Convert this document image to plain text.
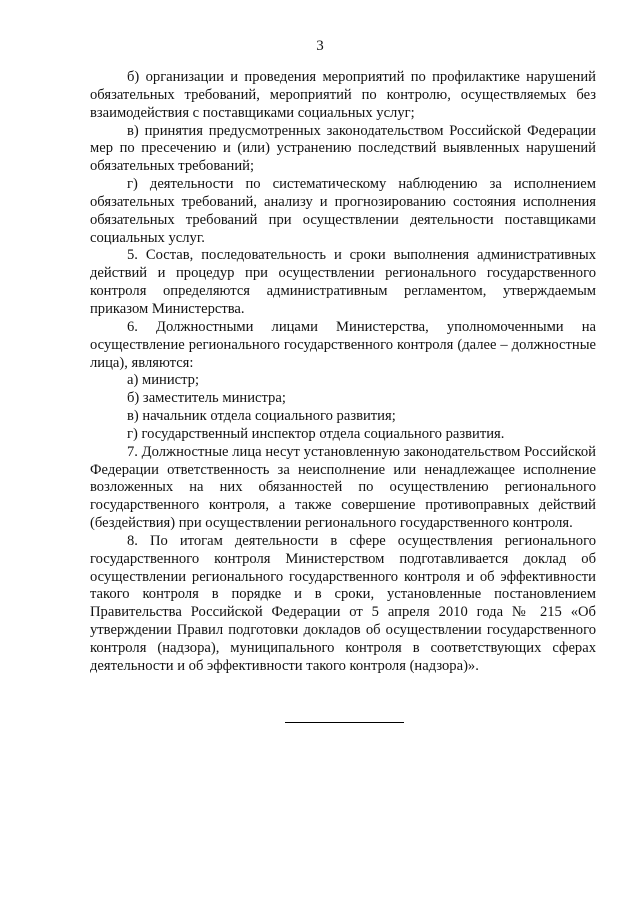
3

б) организации и проведения мероприятий по профилактике нарушений обязательных требований, мероприятий по контролю, осуществляемых без взаимодействия с поставщиками социальных услуг;

в) принятия предусмотренных законодательством Российской Федерации мер по пресечению и (или) устранению последствий выявленных нарушений обязательных требований;

г) деятельности по систематическому наблюдению за исполнением обязательных требований, анализу и прогнозированию состояния исполнения обязательных требований при осуществлении деятельности поставщиками социальных услуг.

5. Состав, последовательность и сроки выполнения административных действий и процедур при осуществлении регионального государственного контроля определяются административным регламентом, утверждаемым приказом Министерства.

6. Должностными лицами Министерства, уполномоченными на осуществление регионального государственного контроля (далее – должностные лица), являются:

а) министр;

б) заместитель министра;

в) начальник отдела социального развития;

г) государственный инспектор отдела социального развития.

7. Должностные лица несут установленную законодательством Российской Федерации ответственность за неисполнение или ненадлежащее исполнение возложенных на них обязанностей по осуществлению регионального государственного контроля, а также совершение противоправных действий (бездействия) при осуществлении регионального государственного контроля.

8. По итогам деятельности в сфере осуществления регионального государственного контроля Министерством подготавливается доклад об осуществлении регионального государственного контроля и об эффективности такого контроля в порядке и в сроки, установленные постановлением Правительства Российской Федерации от 5 апреля 2010 года № 215 «Об утверждении Правил подготовки докладов об осуществлении государственного контроля (надзора), муниципального контроля в соответствующих сферах деятельности и об эффективности такого контроля (надзора)».
